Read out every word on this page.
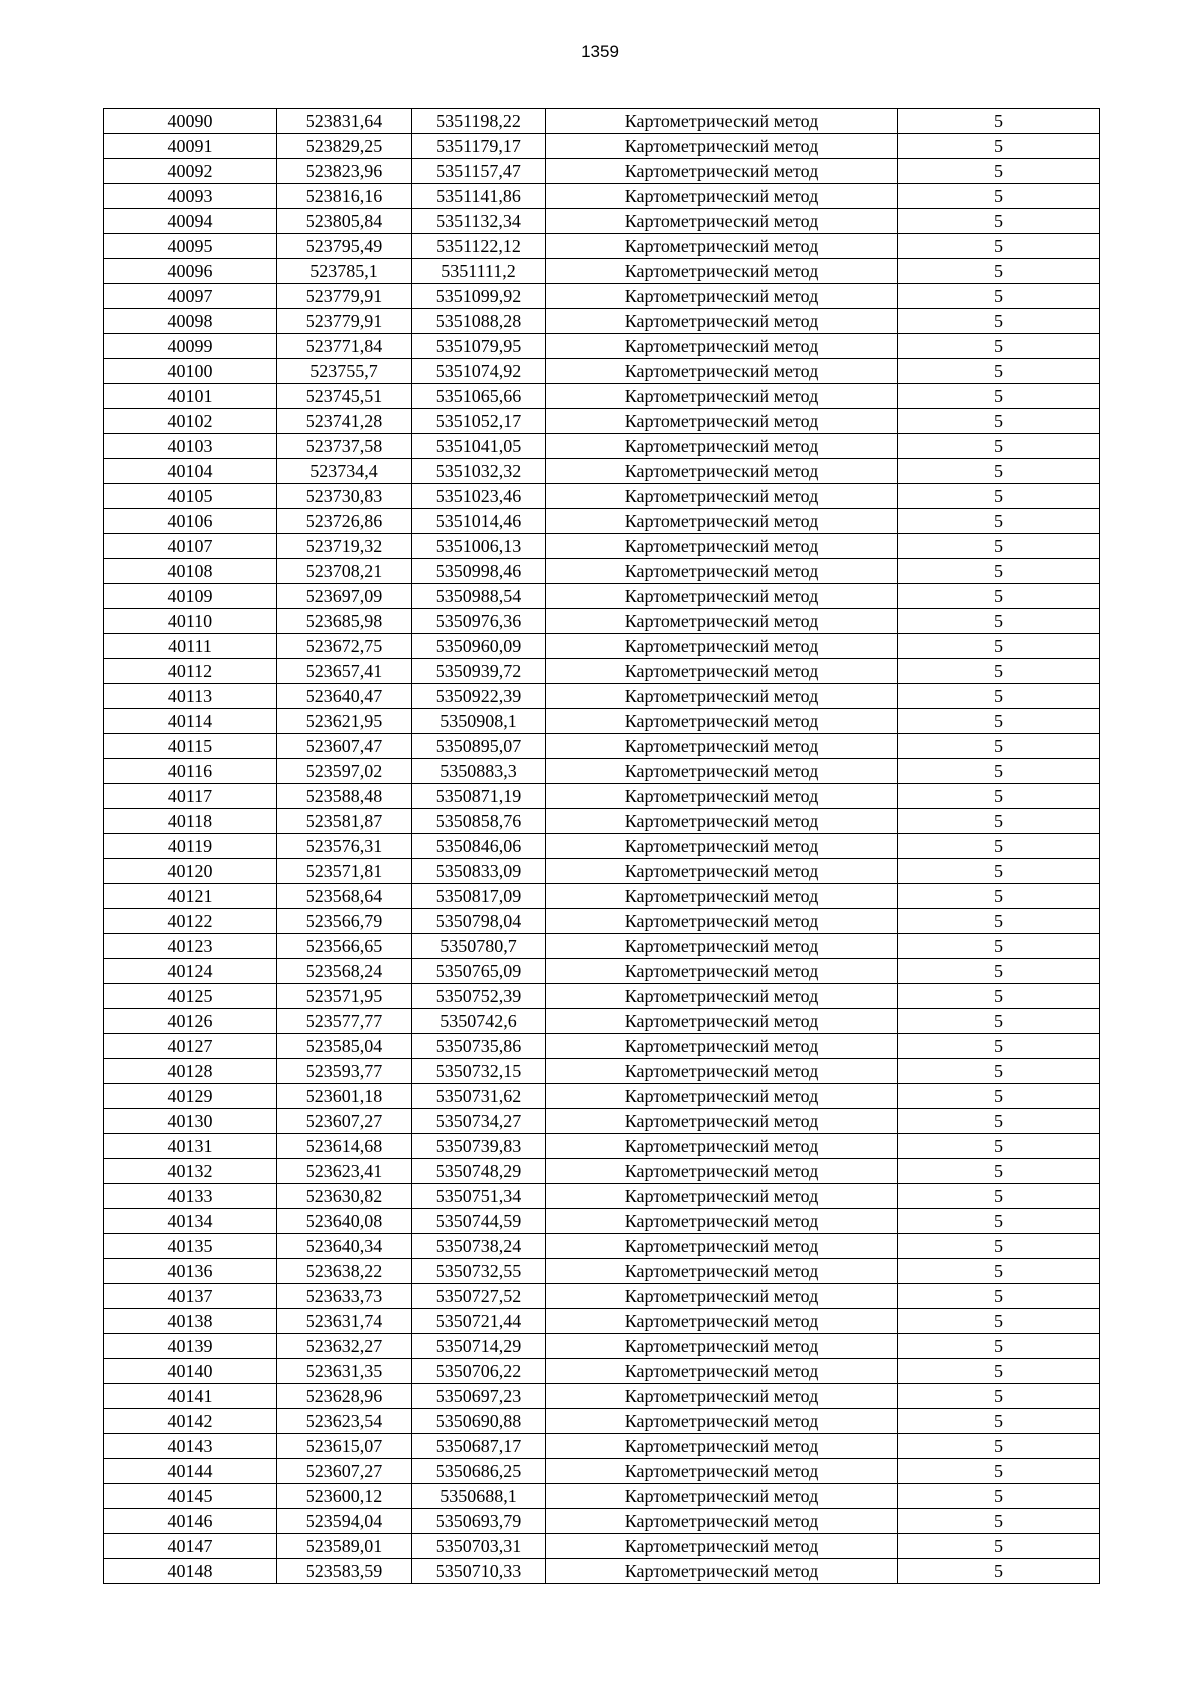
1359
40090	523831,64	5351198,22	Картометрический метод	5
40091	523829,25	5351179,17	Картометрический метод	5
40092	523823,96	5351157,47	Картометрический метод	5
40093	523816,16	5351141,86	Картометрический метод	5
40094	523805,84	5351132,34	Картометрический метод	5
40095	523795,49	5351122,12	Картометрический метод	5
40096	523785,1	5351111,2	Картометрический метод	5
40097	523779,91	5351099,92	Картометрический метод	5
40098	523779,91	5351088,28	Картометрический метод	5
40099	523771,84	5351079,95	Картометрический метод	5
40100	523755,7	5351074,92	Картометрический метод	5
40101	523745,51	5351065,66	Картометрический метод	5
40102	523741,28	5351052,17	Картометрический метод	5
40103	523737,58	5351041,05	Картометрический метод	5
40104	523734,4	5351032,32	Картометрический метод	5
40105	523730,83	5351023,46	Картометрический метод	5
40106	523726,86	5351014,46	Картометрический метод	5
40107	523719,32	5351006,13	Картометрический метод	5
40108	523708,21	5350998,46	Картометрический метод	5
40109	523697,09	5350988,54	Картометрический метод	5
40110	523685,98	5350976,36	Картометрический метод	5
40111	523672,75	5350960,09	Картометрический метод	5
40112	523657,41	5350939,72	Картометрический метод	5
40113	523640,47	5350922,39	Картометрический метод	5
40114	523621,95	5350908,1	Картометрический метод	5
40115	523607,47	5350895,07	Картометрический метод	5
40116	523597,02	5350883,3	Картометрический метод	5
40117	523588,48	5350871,19	Картометрический метод	5
40118	523581,87	5350858,76	Картометрический метод	5
40119	523576,31	5350846,06	Картометрический метод	5
40120	523571,81	5350833,09	Картометрический метод	5
40121	523568,64	5350817,09	Картометрический метод	5
40122	523566,79	5350798,04	Картометрический метод	5
40123	523566,65	5350780,7	Картометрический метод	5
40124	523568,24	5350765,09	Картометрический метод	5
40125	523571,95	5350752,39	Картометрический метод	5
40126	523577,77	5350742,6	Картометрический метод	5
40127	523585,04	5350735,86	Картометрический метод	5
40128	523593,77	5350732,15	Картометрический метод	5
40129	523601,18	5350731,62	Картометрический метод	5
40130	523607,27	5350734,27	Картометрический метод	5
40131	523614,68	5350739,83	Картометрический метод	5
40132	523623,41	5350748,29	Картометрический метод	5
40133	523630,82	5350751,34	Картометрический метод	5
40134	523640,08	5350744,59	Картометрический метод	5
40135	523640,34	5350738,24	Картометрический метод	5
40136	523638,22	5350732,55	Картометрический метод	5
40137	523633,73	5350727,52	Картометрический метод	5
40138	523631,74	5350721,44	Картометрический метод	5
40139	523632,27	5350714,29	Картометрический метод	5
40140	523631,35	5350706,22	Картометрический метод	5
40141	523628,96	5350697,23	Картометрический метод	5
40142	523623,54	5350690,88	Картометрический метод	5
40143	523615,07	5350687,17	Картометрический метод	5
40144	523607,27	5350686,25	Картометрический метод	5
40145	523600,12	5350688,1	Картометрический метод	5
40146	523594,04	5350693,79	Картометрический метод	5
40147	523589,01	5350703,31	Картометрический метод	5
40148	523583,59	5350710,33	Картометрический метод	5
